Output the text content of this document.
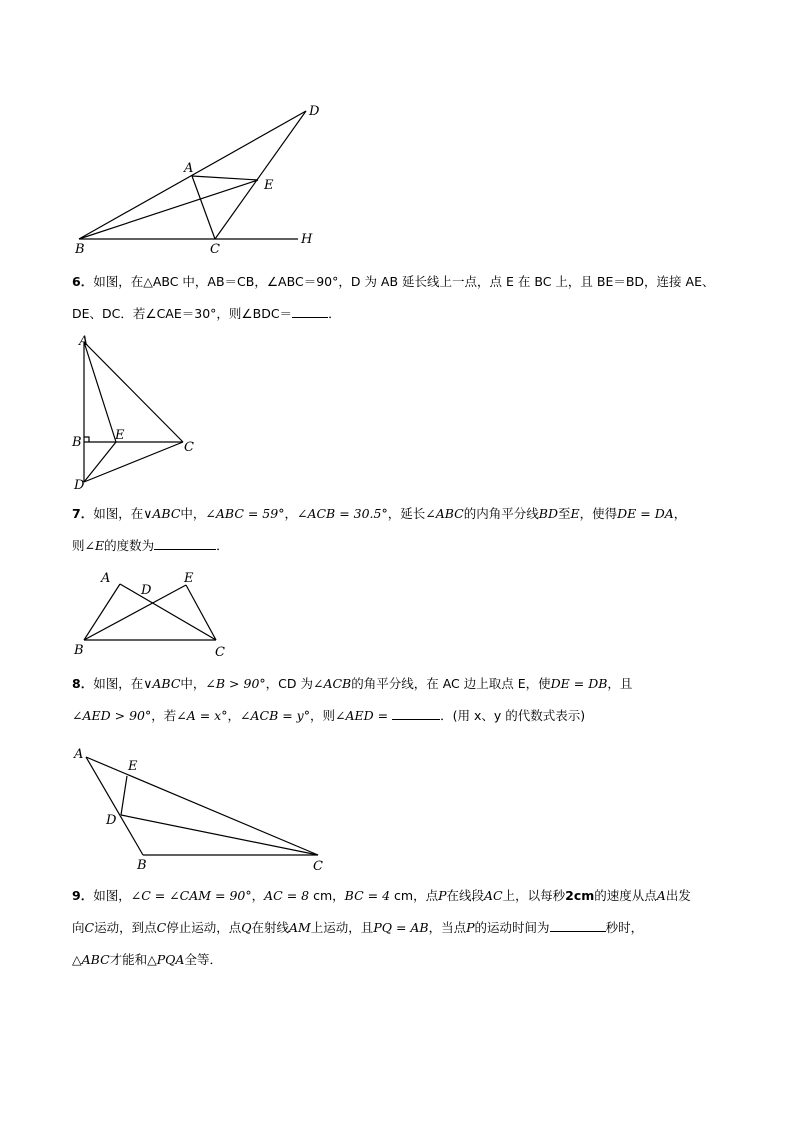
D
A
E
B	C
H
6．如图，在△ABC 中，AB＝CB，∠ABC＝90°，D 为 AB 延长线上一点，点 E 在 BC 上，且 BE＝BD，连接 AE、
DE、DC．若∠CAE＝30°，则∠BDC＝	．
A
B	E
C
D
7．如图，在∨ABC中，∠ABC = 59°，∠ACB = 30.5°，延长∠ABC的内角平分线BD至E，使得DE = DA，
则∠E的度数为	．
A
D
E
B	C
8．如图，在∨ABC中，∠B > 90°，CD 为∠ACB的角平分线，在 AC 边上取点 E，使DE = DB，且
∠AED > 90°，若∠A = x°，∠ACB = y°，则∠AED =	．(用 x、y 的代数式表示)
A
E
D
B	C
9．如图，∠C = ∠CAM = 90°，AC = 8 cm，BC = 4 cm，点P在线段AC上，以每秒2cm的速度从点A出发
向C运动，到点C停止运动，点Q在射线AM上运动，且PQ = AB，当点P的运动时间为	秒时，
△ABC才能和△PQA全等．
